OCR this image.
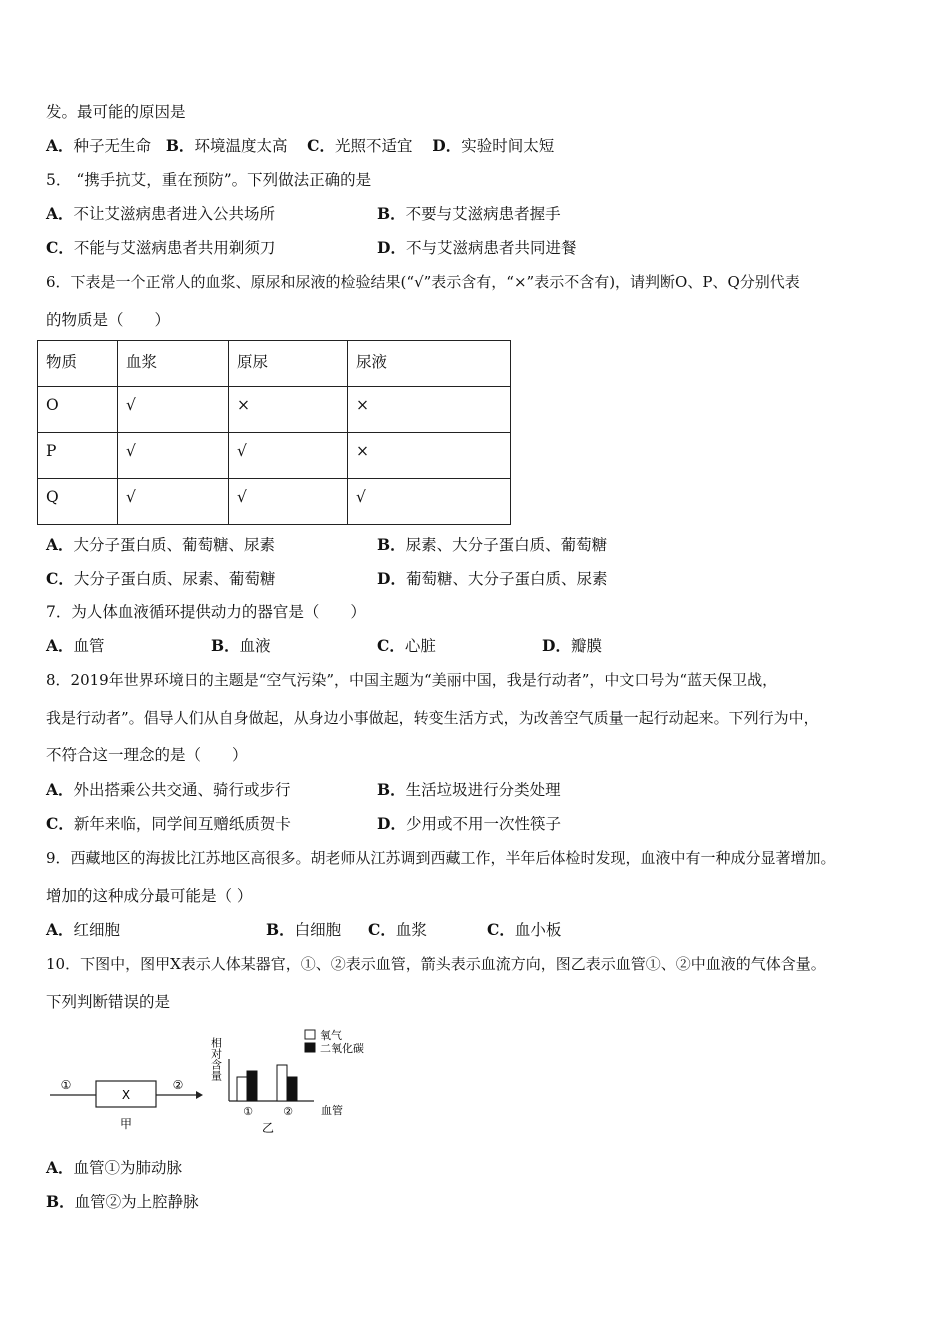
发。最可能的原因是
A．种子无生命 B．环境温度太高 C．光照不适宜 D．实验时间太短
5． “携手抗艾，重在预防”。下列做法正确的是
A．不让艾滋病患者进入公共场所	B．不要与艾滋病患者握手
C．不能与艾滋病患者共用剃须刀	D．不与艾滋病患者共同进餐
6．下表是一个正常人的血浆、原尿和尿液的检验结果(“√”表示含有，“×”表示不含有)，请判断O、P、Q分别代表
的物质是（　　）
物质	血浆	原尿	尿液
O	√	×	×
P	√	√	×
Q	√	√	√
A．大分子蛋白质、葡萄糖、尿素	B．尿素、大分子蛋白质、葡萄糖
C．大分子蛋白质、尿素、葡萄糖	D．葡萄糖、大分子蛋白质、尿素
7．为人体血液循环提供动力的器官是（　　）
A．血管	B．血液	C．心脏	D．瓣膜
8．2019年世界环境日的主题是“空气污染”，中国主题为“美丽中国，我是行动者”，中文口号为“蓝天保卫战，
我是行动者”。倡导人们从自身做起，从身边小事做起，转变生活方式，为改善空气质量一起行动起来。下列行为中，
不符合这一理念的是（　　）
A．外出搭乘公共交通、骑行或步行	B．生活垃圾进行分类处理
C．新年来临，同学间互赠纸质贺卡	D．少用或不用一次性筷子
9．西藏地区的海拔比江苏地区高很多。胡老师从江苏调到西藏工作，半年后体检时发现，血液中有一种成分显著增加。
增加的这种成分最可能是（ ）
A．红细胞	B．白细胞 C．血浆	C．血小板
10．下图中，图甲X表示人体某器官，①、②表示血管，箭头表示血流方向，图乙表示血管①、②中血液的气体含量。
下列判断错误的是
①
X
②
甲
相对含量
氧气
二氧化碳
①	②	血管
乙
A．血管①为肺动脉
B．血管②为上腔静脉
